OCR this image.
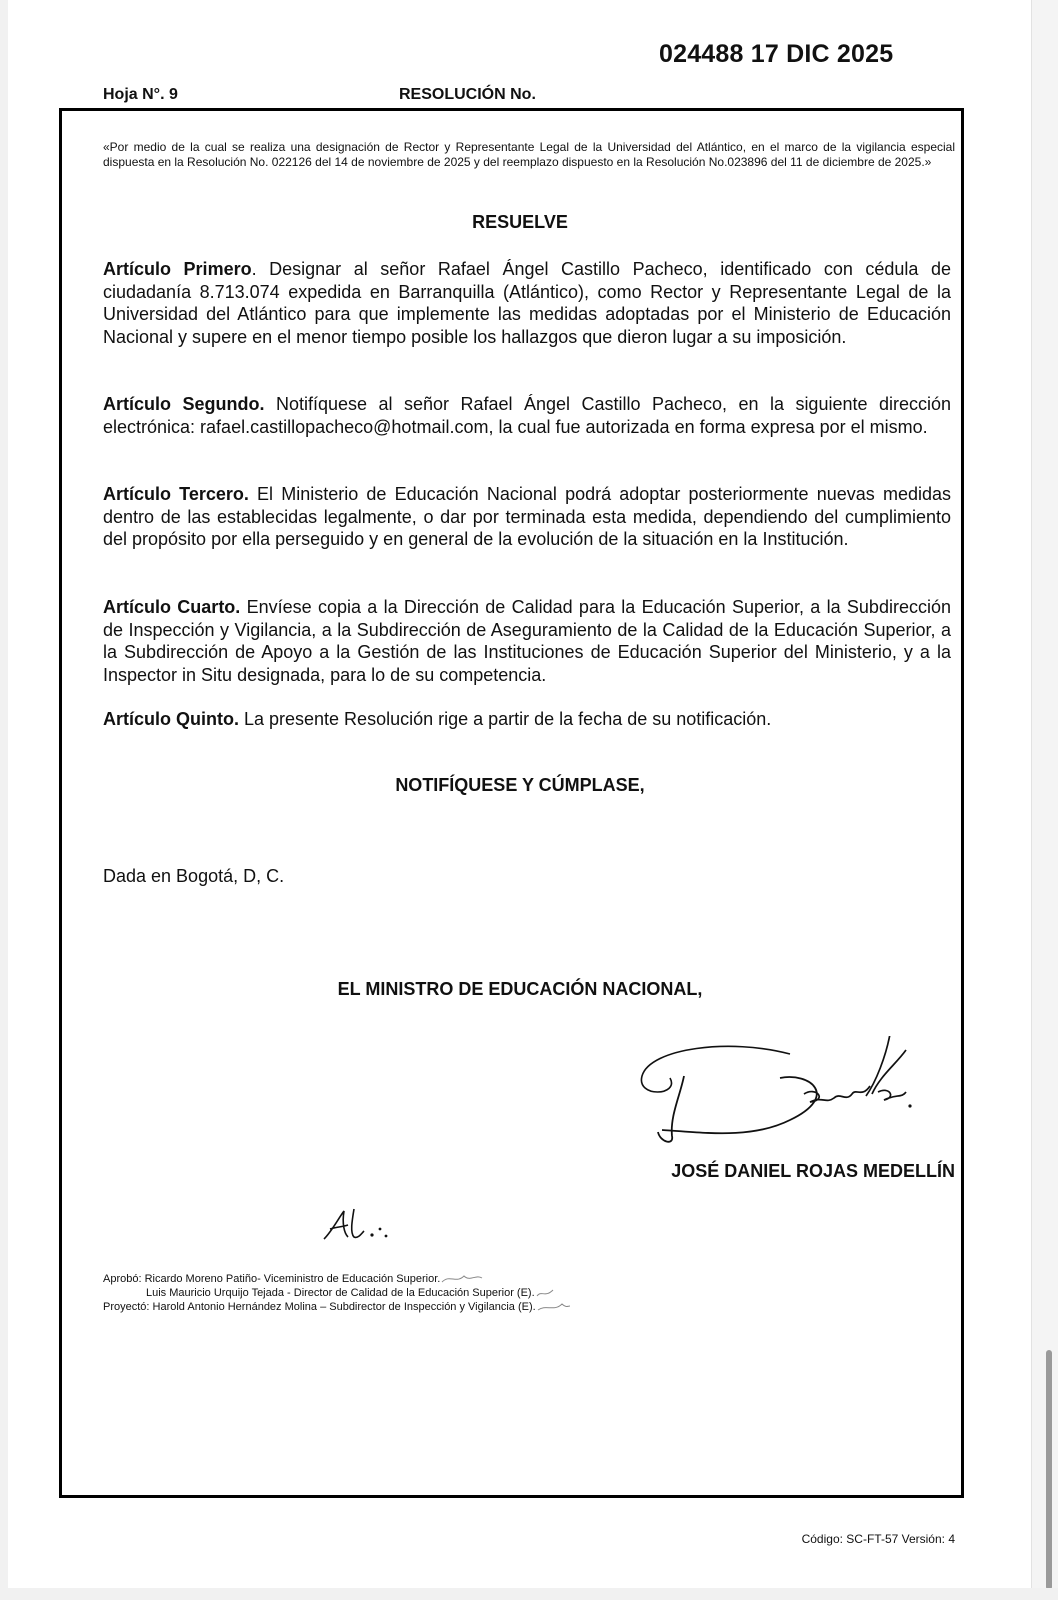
024488 17 DIC 2025
Hoja N°. 9	RESOLUCIÓN No.
«Por medio de la cual se realiza una designación de Rector y Representante Legal de la Universidad del Atlántico, en el marco de la vigilancia especial dispuesta en la Resolución No. 022126 del 14 de noviembre de 2025 y del reemplazo dispuesto en la Resolución No.023896 del 11 de diciembre de 2025.»
RESUELVE
Artículo Primero. Designar al señor Rafael Ángel Castillo Pacheco, identificado con cédula de ciudadanía 8.713.074 expedida en Barranquilla (Atlántico), como Rector y Representante Legal de la Universidad del Atlántico para que implemente las medidas adoptadas por el Ministerio de Educación Nacional y supere en el menor tiempo posible los hallazgos que dieron lugar a su imposición.
Artículo Segundo. Notifíquese al señor Rafael Ángel Castillo Pacheco, en la siguiente dirección electrónica: rafael.castillopacheco@hotmail.com, la cual fue autorizada en forma expresa por el mismo.
Artículo Tercero. El Ministerio de Educación Nacional podrá adoptar posteriormente nuevas medidas dentro de las establecidas legalmente, o dar por terminada esta medida, dependiendo del cumplimiento del propósito por ella perseguido y en general de la evolución de la situación en la Institución.
Artículo Cuarto. Envíese copia a la Dirección de Calidad para la Educación Superior, a la Subdirección de Inspección y Vigilancia, a la Subdirección de Aseguramiento de la Calidad de la Educación Superior, a la Subdirección de Apoyo a la Gestión de las Instituciones de Educación Superior del Ministerio, y a la Inspector in Situ designada, para lo de su competencia.
Artículo Quinto. La presente Resolución rige a partir de la fecha de su notificación.
NOTIFÍQUESE Y CÚMPLASE,
Dada en Bogotá, D, C.
EL MINISTRO DE EDUCACIÓN NACIONAL,
JOSÉ DANIEL ROJAS MEDELLÍN
Aprobó: Ricardo Moreno Patiño- Viceministro de Educación Superior.
Luis Mauricio Urquijo Tejada - Director de Calidad de la Educación Superior (E).
Proyectó: Harold Antonio Hernández Molina – Subdirector de Inspección y Vigilancia (E).
Código: SC-FT-57 Versión: 4
